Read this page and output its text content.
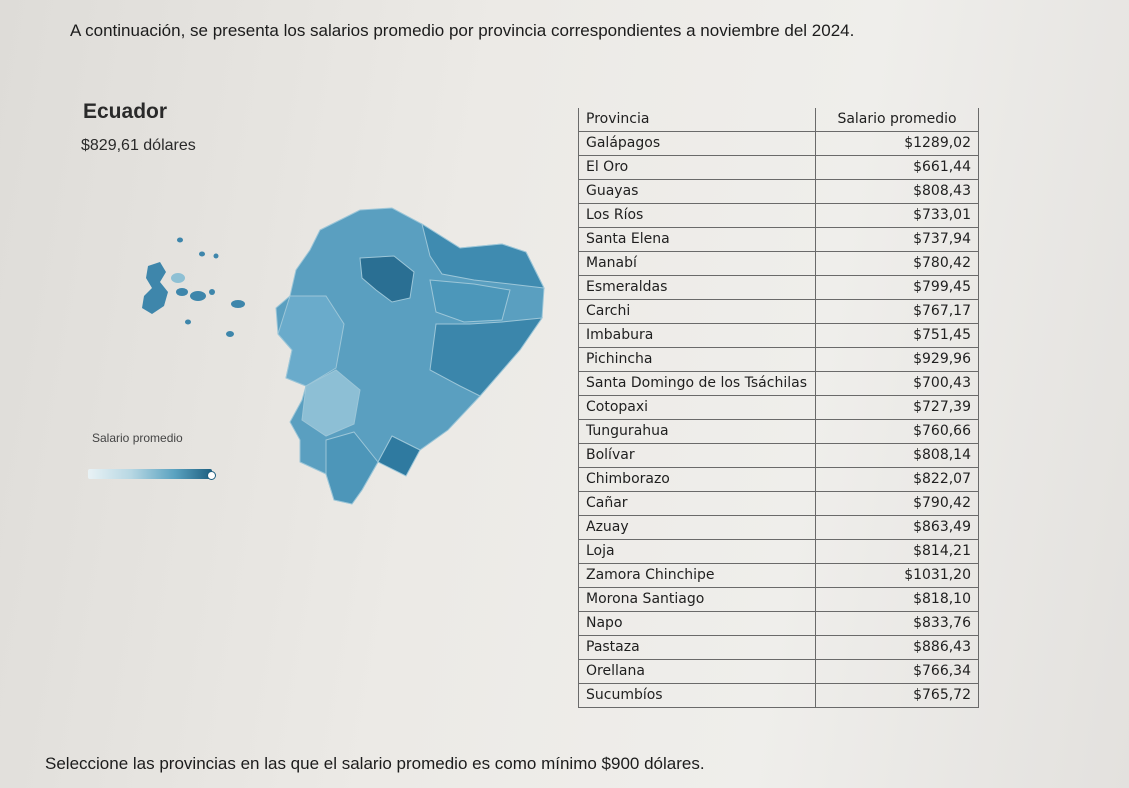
A continuación, se presenta los salarios promedio por provincia correspondientes a noviembre del 2024.
Ecuador
$829,61 dólares
Salario promedio
Provincia	Salario promedio
Galápagos	$1289,02
El Oro	$661,44
Guayas	$808,43
Los Ríos	$733,01
Santa Elena	$737,94
Manabí	$780,42
Esmeraldas	$799,45
Carchi	$767,17
Imbabura	$751,45
Pichincha	$929,96
Santa Domingo de los Tsáchilas	$700,43
Cotopaxi	$727,39
Tungurahua	$760,66
Bolívar	$808,14
Chimborazo	$822,07
Cañar	$790,42
Azuay	$863,49
Loja	$814,21
Zamora Chinchipe	$1031,20
Morona Santiago	$818,10
Napo	$833,76
Pastaza	$886,43
Orellana	$766,34
Sucumbíos	$765,72
Seleccione las provincias en las que el salario promedio es como mínimo $900 dólares.
